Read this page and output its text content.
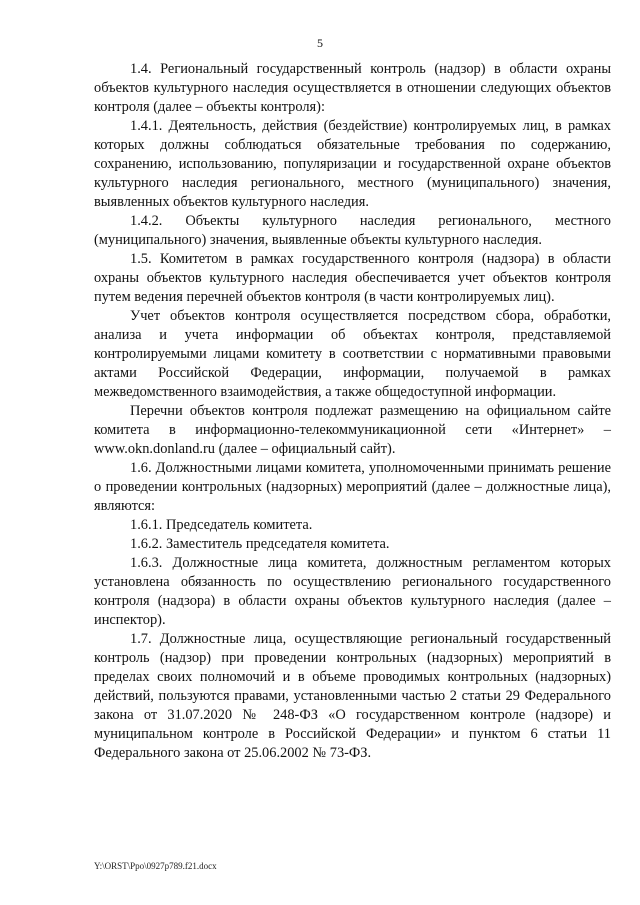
5

1.4. Региональный государственный контроль (надзор) в области охраны объектов культурного наследия осуществляется в отношении следующих объектов контроля (далее – объекты контроля):

1.4.1. Деятельность, действия (бездействие) контролируемых лиц, в рамках которых должны соблюдаться обязательные требования по содержанию, сохранению, использованию, популяризации и государственной охране объектов культурного наследия регионального, местного (муниципального) значения, выявленных объектов культурного наследия.

1.4.2. Объекты культурного наследия регионального, местного (муниципального) значения, выявленные объекты культурного наследия.

1.5. Комитетом в рамках государственного контроля (надзора) в области охраны объектов культурного наследия обеспечивается учет объектов контроля путем ведения перечней объектов контроля (в части контролируемых лиц).

Учет объектов контроля осуществляется посредством сбора, обработки, анализа и учета информации об объектах контроля, представляемой контролируемыми лицами комитету в соответствии с нормативными правовыми актами Российской Федерации, информации, получаемой в рамках межведомственного взаимодействия, а также общедоступной информации.

Перечни объектов контроля подлежат размещению на официальном сайте комитета в информационно-телекоммуникационной сети «Интернет» – www.okn.donland.ru (далее – официальный сайт).

1.6. Должностными лицами комитета, уполномоченными принимать решение о проведении контрольных (надзорных) мероприятий (далее – должностные лица), являются:

1.6.1. Председатель комитета.

1.6.2. Заместитель председателя комитета.

1.6.3. Должностные лица комитета, должностным регламентом которых установлена обязанность по осуществлению регионального государственного контроля (надзора) в области охраны объектов культурного наследия (далее – инспектор).

1.7. Должностные лица, осуществляющие региональный государственный контроль (надзор) при проведении контрольных (надзорных) мероприятий в пределах своих полномочий и в объеме проводимых контрольных (надзорных) действий, пользуются правами, установленными частью 2 статьи 29 Федерального закона от 31.07.2020 № 248-ФЗ «О государственном контроле (надзоре) и муниципальном контроле в Российской Федерации» и пунктом 6 статьи 11 Федерального закона от 25.06.2002 № 73-ФЗ.

Y:\ORST\Ppo\0927p789.f21.docx
